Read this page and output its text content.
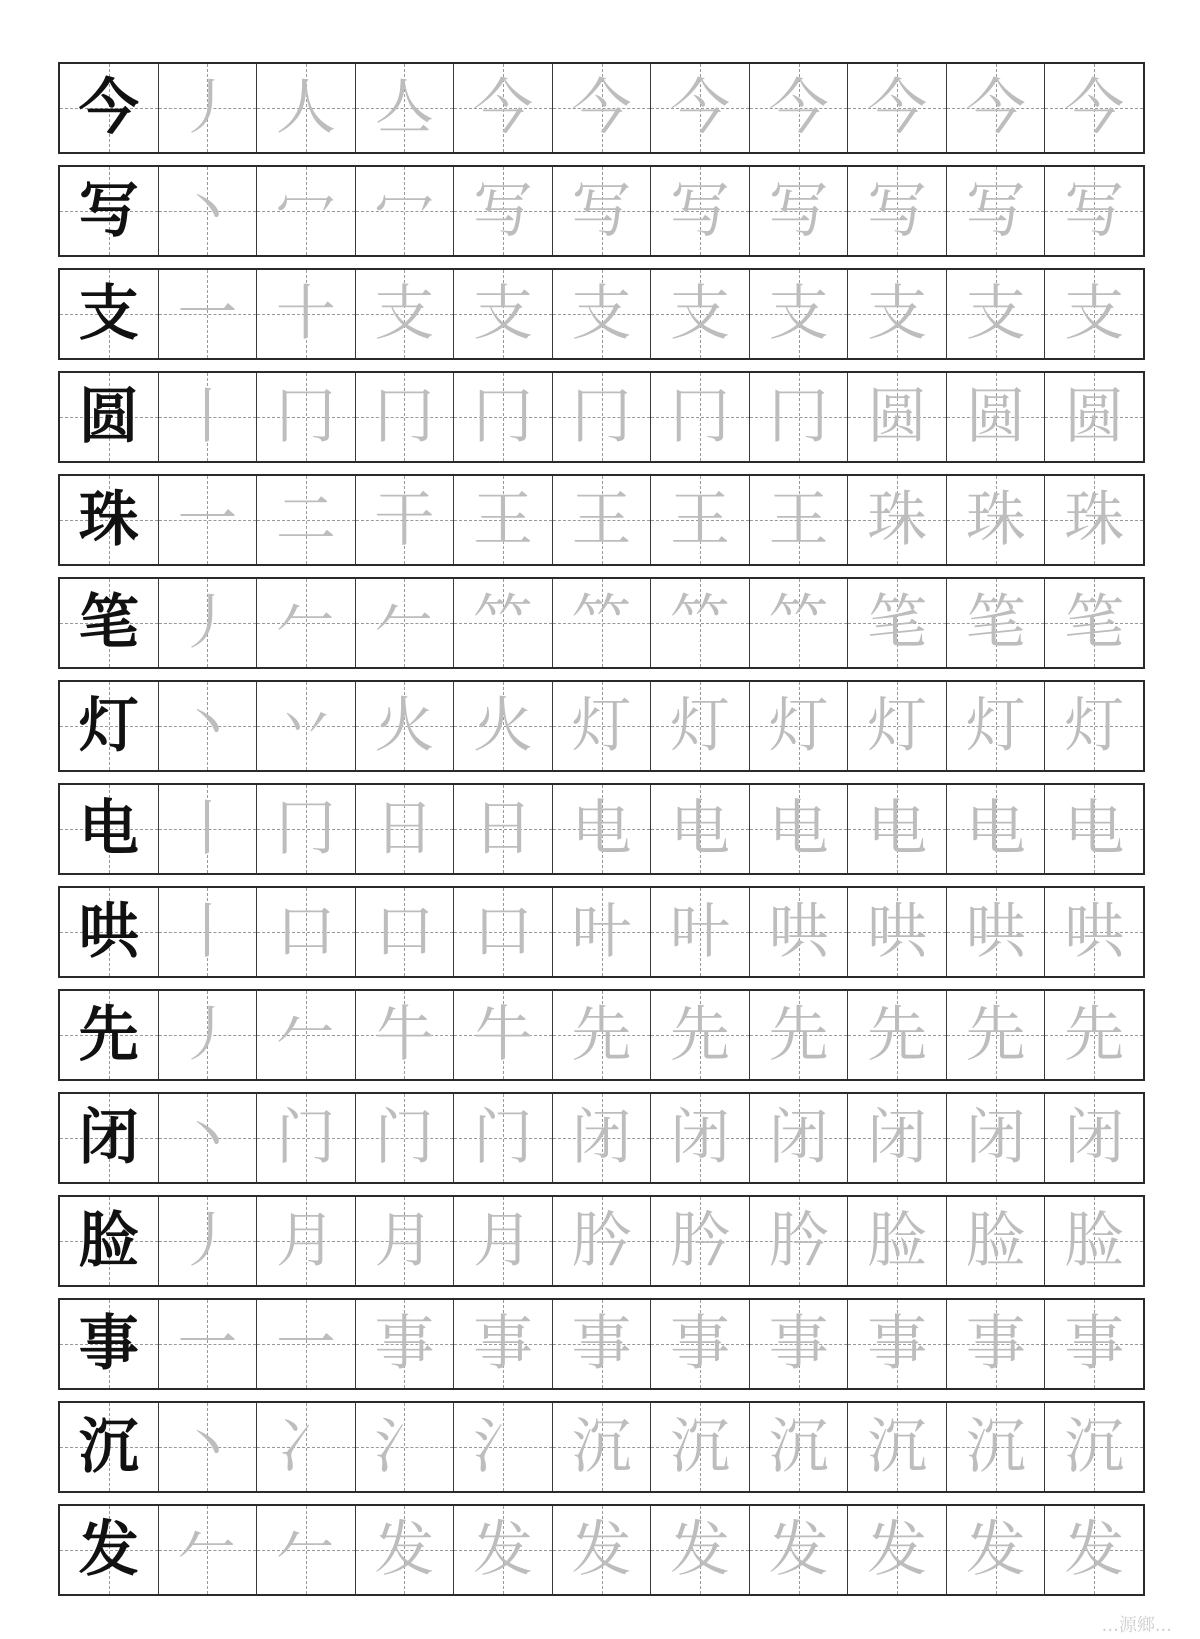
今 丿 人 亼 今 今 今 今 今 今 今
写 丶 冖 冖 写 写 写 写 写 写 写
支 一 十 支 支 支 支 支 支 支 支
圆 丨 冂 冂 冂 冂 冂 冂 圆 圆 圆
珠 一 二 干 王 王 王 王 珠 珠 珠
笔 丿 𠂉 𠂉 𥫗 𥫗 𥫗 𥫗 笔 笔 笔
灯 丶 丷 火 火 灯 灯 灯 灯 灯 灯
电 丨 冂 日 日 电 电 电 电 电 电
哄 丨 口 口 口 叶 叶 哄 哄 哄 哄
先 丿 𠂉 牛 牛 先 先 先 先 先 先
闭 丶 门 门 门 闭 闭 闭 闭 闭 闭
脸 丿 月 月 月 肣 肣 肣 脸 脸 脸
事 一 一 事 事 事 事 事 事 事 事
沉 丶 冫 氵 氵 沉 沉 沉 沉 沉 沉
发 𠂉 𠂉 发 发 发 发 发 发 发 发
...源鄉...
